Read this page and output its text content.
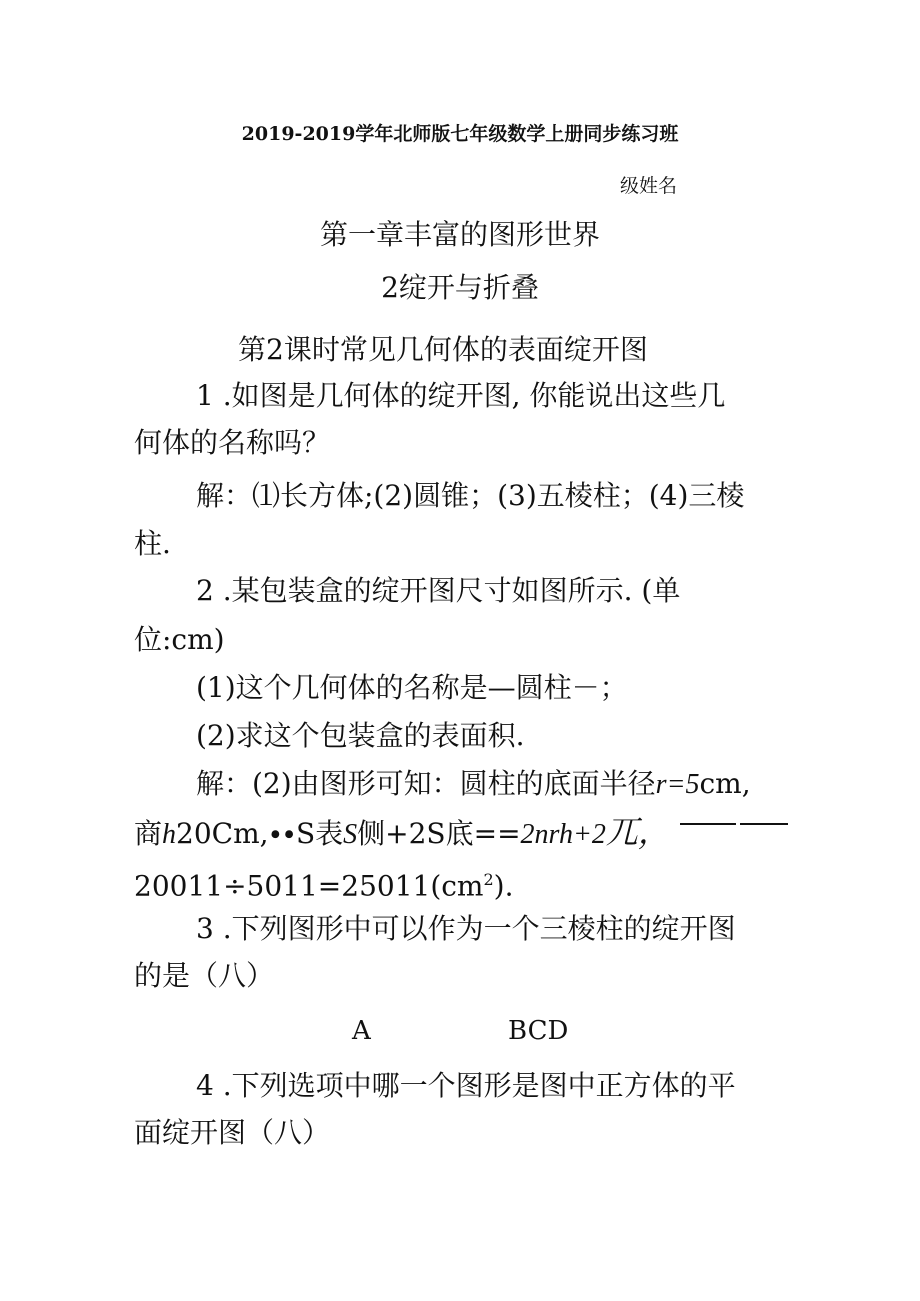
2019-2019学年北师版七年级数学上册同步练习班
级姓名
第一章丰富的图形世界
2绽开与折叠
第2课时常见几何体的表面绽开图
1 .如图是几何体的绽开图, 你能说出这些几
何体的名称吗？
解：⑴长方体;(2)圆锥；(3)五棱柱；(4)三棱
柱.
2 .某包装盒的绽开图尺寸如图所示. (单
位:cm)
(1)这个几何体的名称是—圆柱－；
(2)求这个包装盒的表面积.
解：(2)由图形可知：圆柱的底面半径r=5cm,
商h20Cm,∙∙S表S侧+2S底==2nrh+2兀，
$20011\div 5011=25011(cm^2)$.
3 .下列图形中可以作为一个三棱柱的绽开图
的是（八）
A	BCD
4 .下列选项中哪一个图形是图中正方体的平
面绽开图（八）
